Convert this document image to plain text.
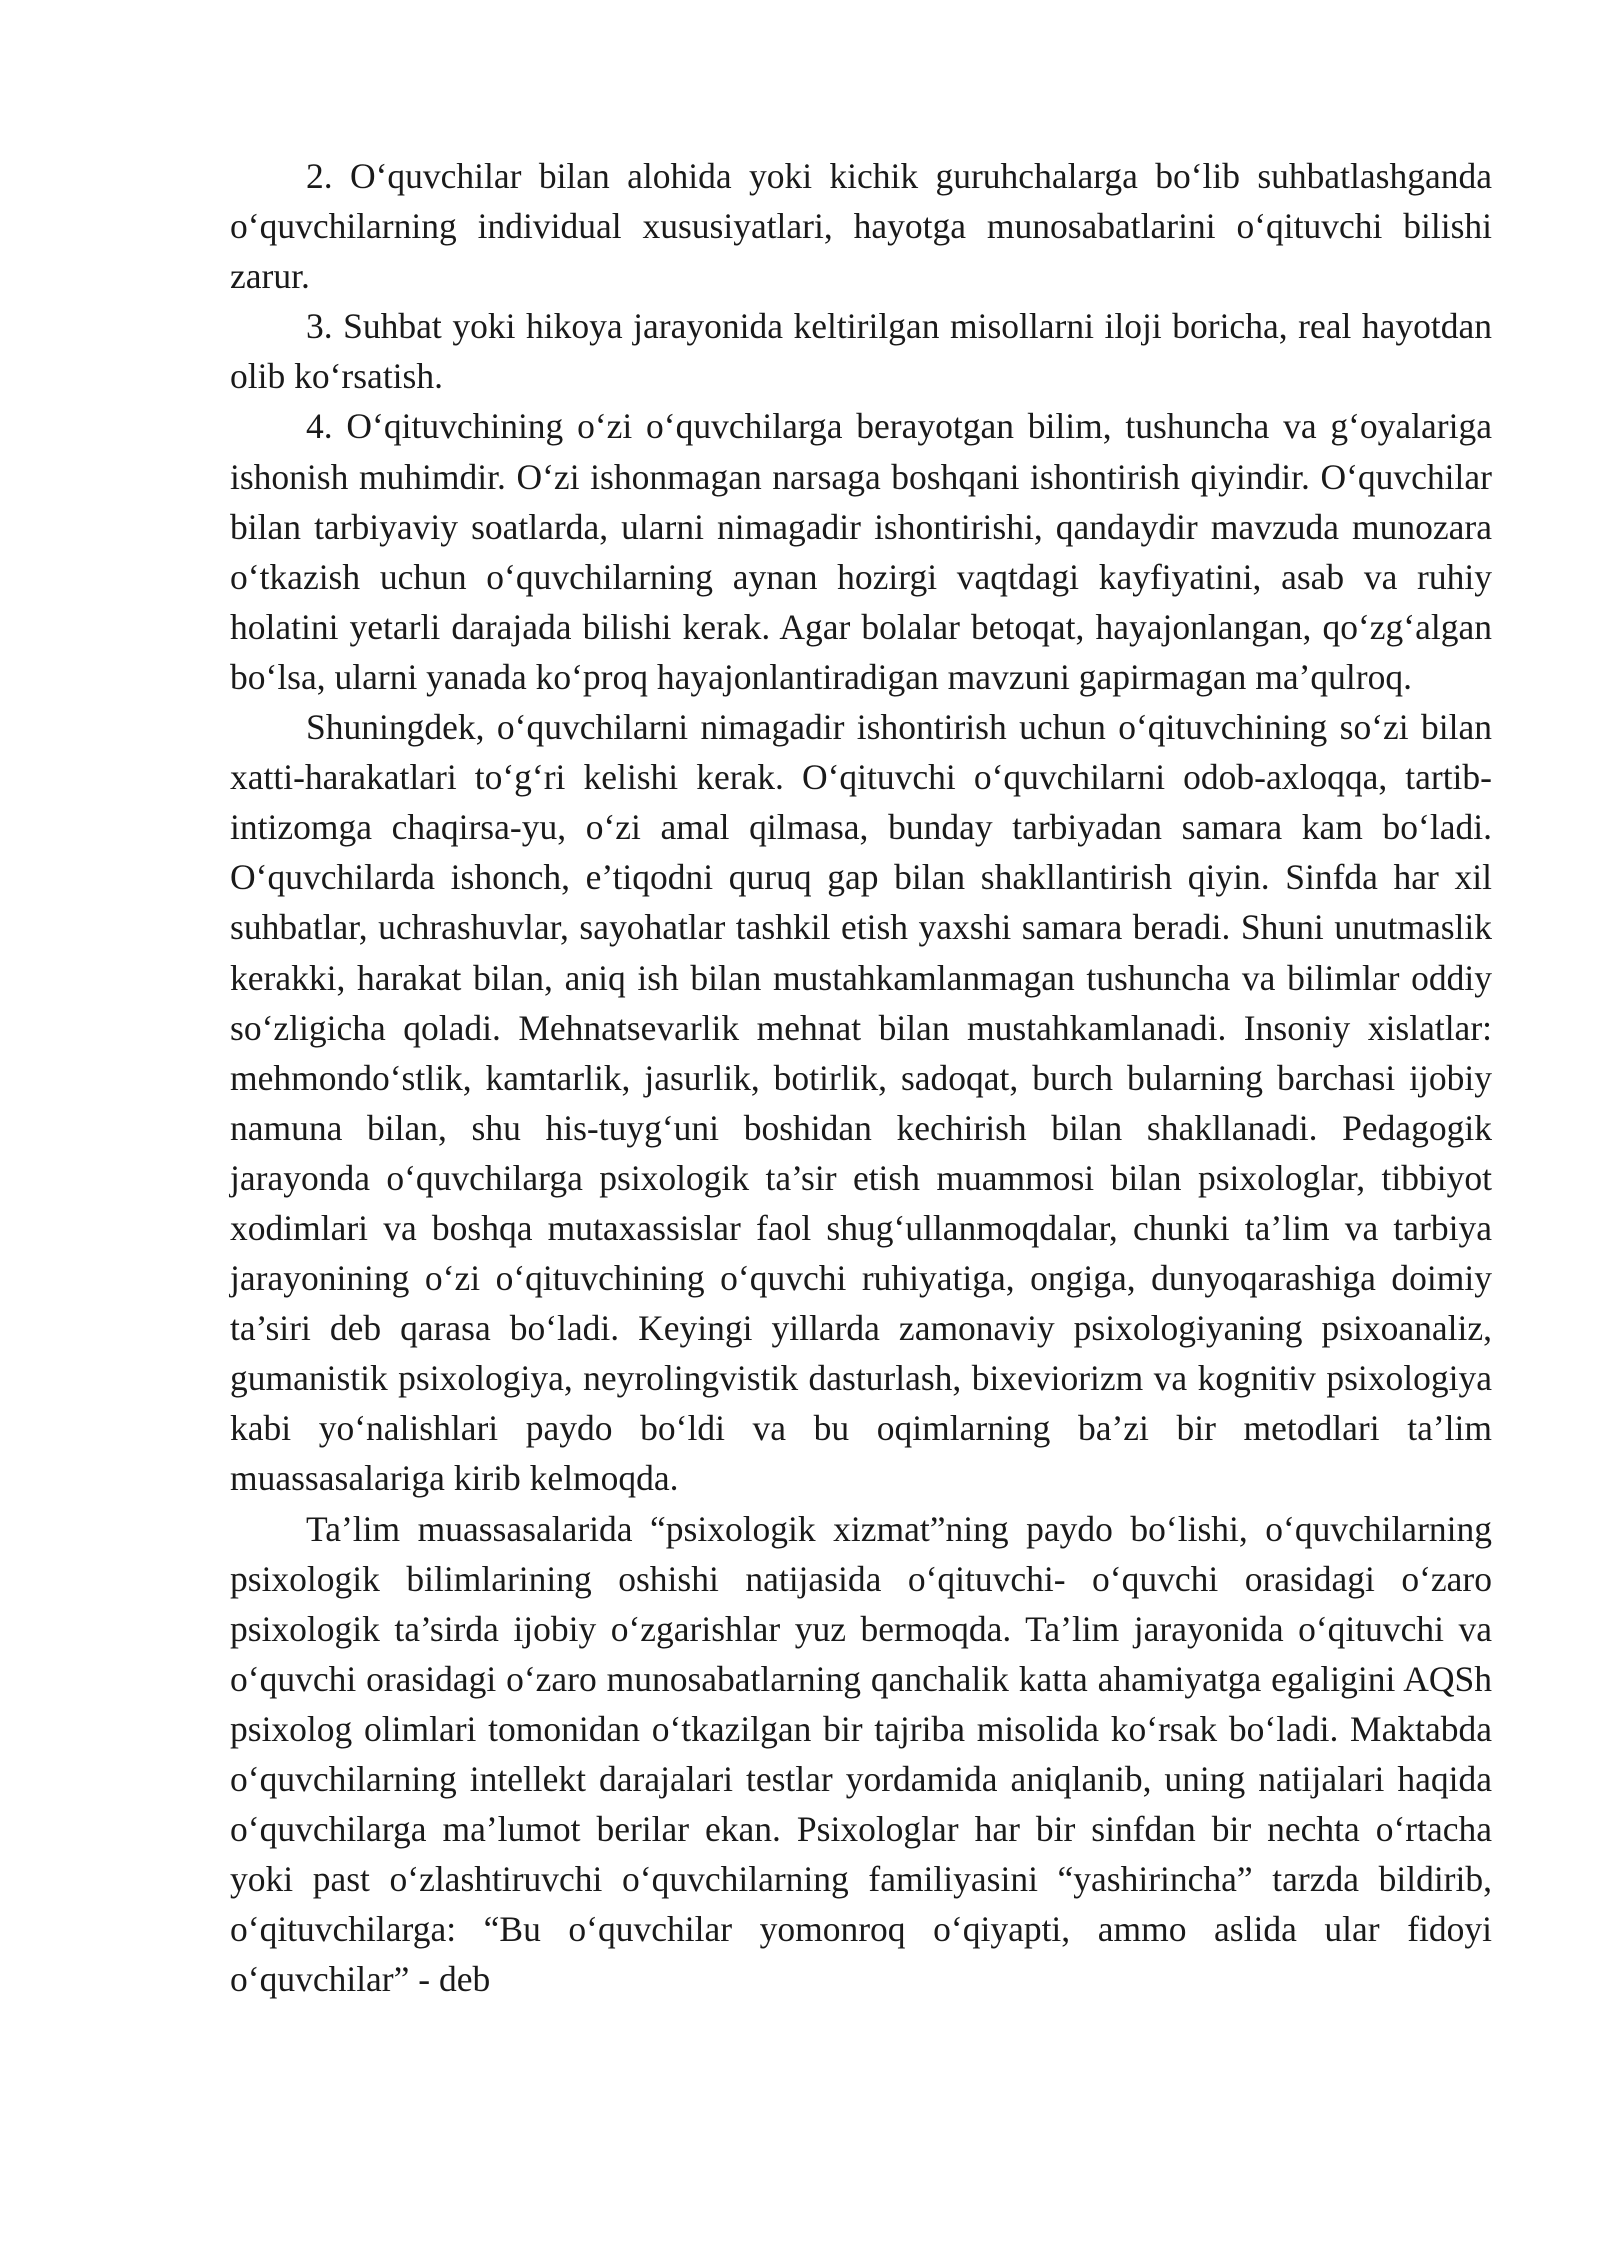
2. O‘quvchilar bilan alohida yoki kichik guruhchalarga bo‘lib suhbatlashganda o‘quvchilarning individual xususiyatlari, hayotga munosabatlarini o‘qituvchi bilishi zarur.

3. Suhbat yoki hikoya jarayonida keltirilgan misollarni iloji boricha, real hayotdan olib ko‘rsatish.

4. O‘qituvchining o‘zi o‘quvchilarga berayotgan bilim, tushuncha va g‘oyalariga ishonish muhimdir. O‘zi ishonmagan narsaga boshqani ishontirish qiyindir. O‘quvchilar bilan tarbiyaviy soatlarda, ularni nimagadir ishontirishi, qandaydir mavzuda munozara o‘tkazish uchun o‘quvchilarning aynan hozirgi vaqtdagi kayfiyatini, asab va ruhiy holatini yetarli darajada bilishi kerak. Agar bolalar betoqat, hayajonlangan, qo‘zg‘algan bo‘lsa, ularni yanada ko‘proq hayajonlantiradigan mavzuni gapirmagan ma’qulroq.

Shuningdek, o‘quvchilarni nimagadir ishontirish uchun o‘qituvchining so‘zi bilan xatti-harakatlari to‘g‘ri kelishi kerak. O‘qituvchi o‘quvchilarni odob-axloqqa, tartib-intizomga chaqirsa-yu, o‘zi amal qilmasa, bunday tarbiyadan samara kam bo‘ladi. O‘quvchilarda ishonch, e’tiqodni quruq gap bilan shakllantirish qiyin. Sinfda har xil suhbatlar, uchrashuvlar, sayohatlar tashkil etish yaxshi samara beradi. Shuni unutmaslik kerakki, harakat bilan, aniq ish bilan mustahkamlanmagan tushuncha va bilimlar oddiy so‘zligicha qoladi. Mehnatsevarlik mehnat bilan mustahkamlanadi. Insoniy xislatlar: mehmondo‘stlik, kamtarlik, jasurlik, botirlik, sadoqat, burch bularning barchasi ijobiy namuna bilan, shu his-tuyg‘uni boshidan kechirish bilan shakllanadi. Pedagogik jarayonda o‘quvchilarga psixologik ta’sir etish muammosi bilan psixologlar, tibbiyot xodimlari va boshqa mutaxassislar faol shug‘ullanmoqdalar, chunki ta’lim va tarbiya jarayonining o‘zi o‘qituvchining o‘quvchi ruhiyatiga, ongiga, dunyoqarashiga doimiy ta’siri deb qarasa bo‘ladi. Keyingi yillarda zamonaviy psixologiyaning psixoanaliz, gumanistik psixologiya, neyrolingvistik dasturlash, bixeviorizm va kognitiv psixologiya kabi yo‘nalishlari paydo bo‘ldi va bu oqimlarning ba’zi bir metodlari ta’lim muassasalariga kirib kelmoqda.

Ta’lim muassasalarida “psixologik xizmat”ning paydo bo‘lishi, o‘quvchilarning psixologik bilimlarining oshishi natijasida o‘qituvchi- o‘quvchi orasidagi o‘zaro psixologik ta’sirda ijobiy o‘zgarishlar yuz bermoqda. Ta’lim jarayonida o‘qituvchi va o‘quvchi orasidagi o‘zaro munosabatlarning qanchalik katta ahamiyatga egaligini AQSh psixolog olimlari tomonidan o‘tkazilgan bir tajriba misolida ko‘rsak bo‘ladi. Maktabda o‘quvchilarning intellekt darajalari testlar yordamida aniqlanib, uning natijalari haqida o‘quvchilarga ma’lumot berilar ekan. Psixologlar har bir sinfdan bir nechta o‘rtacha yoki past o‘zlashtiruvchi o‘quvchilarning familiyasini “yashirincha” tarzda bildirib, o‘qituvchilarga: “Bu o‘quvchilar yomonroq o‘qiyapti, ammo aslida ular fidoyi o‘quvchilar” - deb
